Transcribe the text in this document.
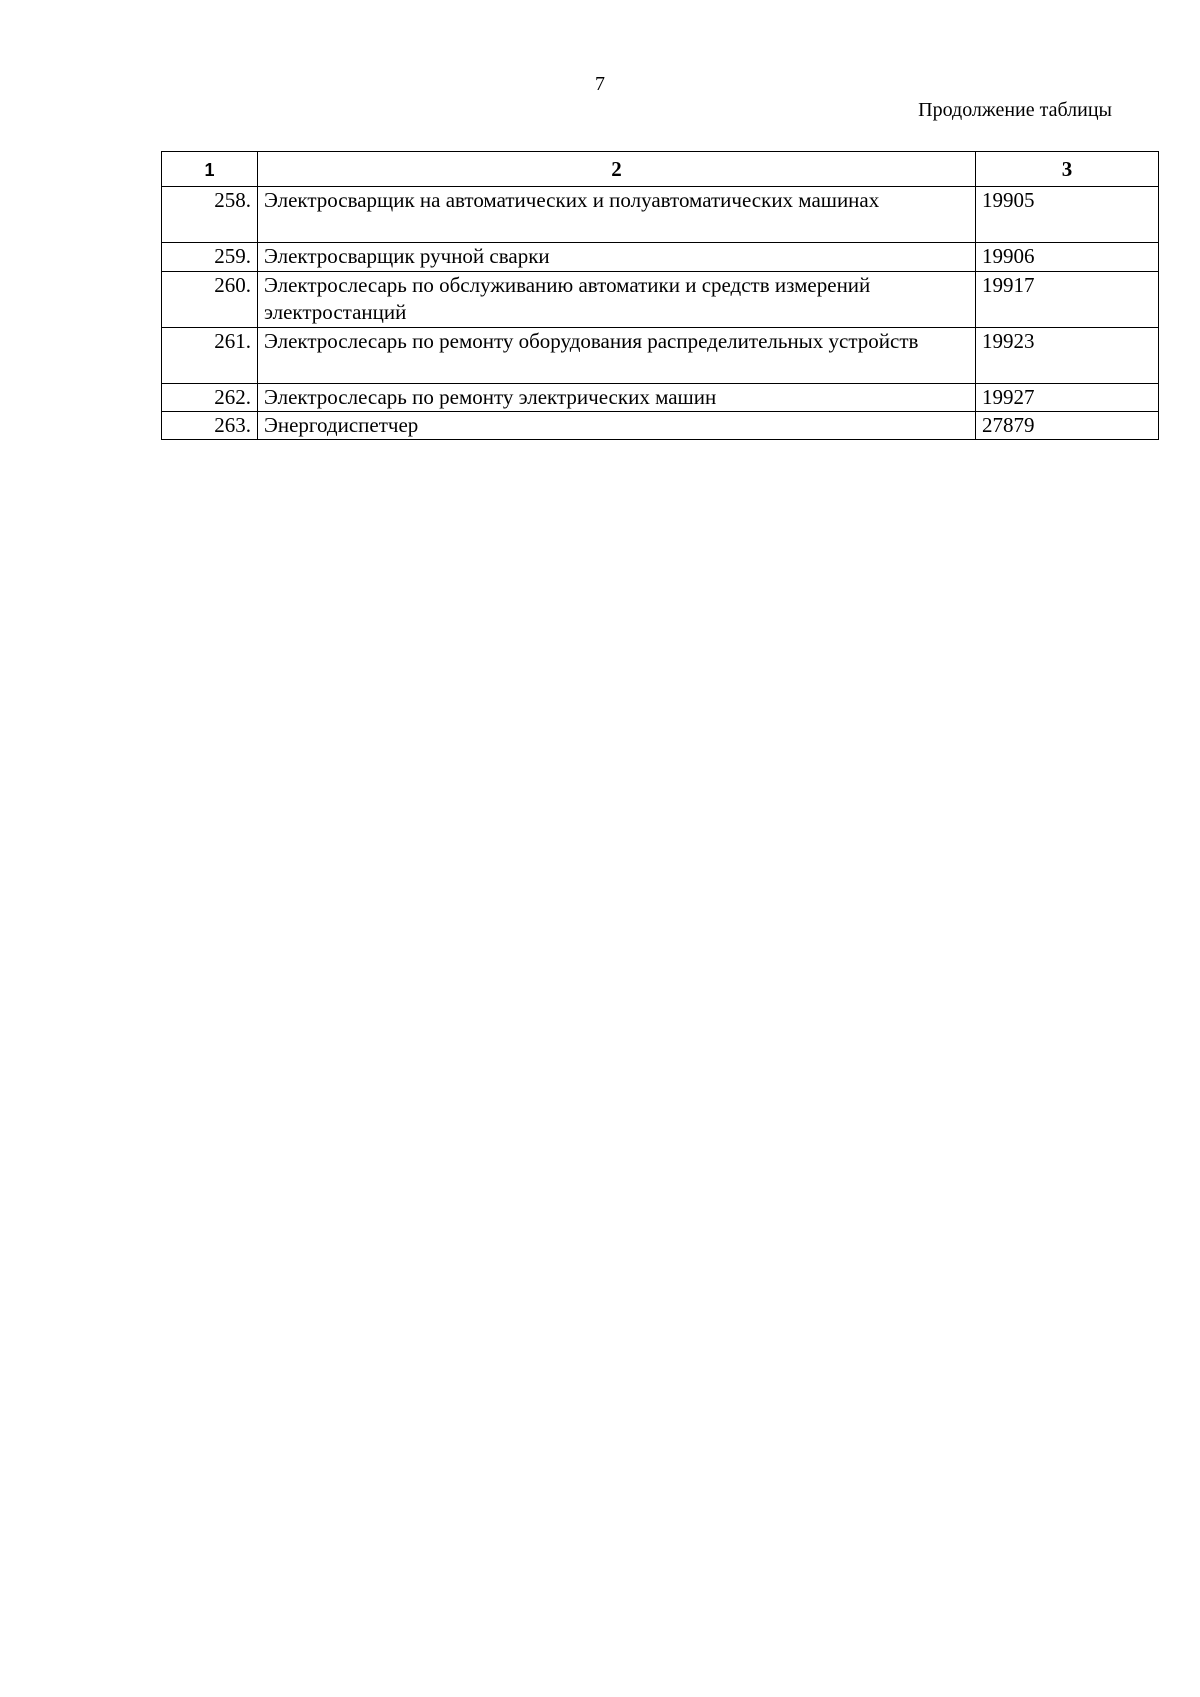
7
Продолжение таблицы
1	2	3
258.	Электросварщик на автоматических и полуавтоматических машинах	19905
259.	Электросварщик ручной сварки	19906
260.	Электрослесарь по обслуживанию автоматики и средств измерений электростанций	19917
261.	Электрослесарь по ремонту оборудования распределительных устройств	19923
262.	Электрослесарь по ремонту электрических машин	19927
263.	Энергодиспетчер	27879
